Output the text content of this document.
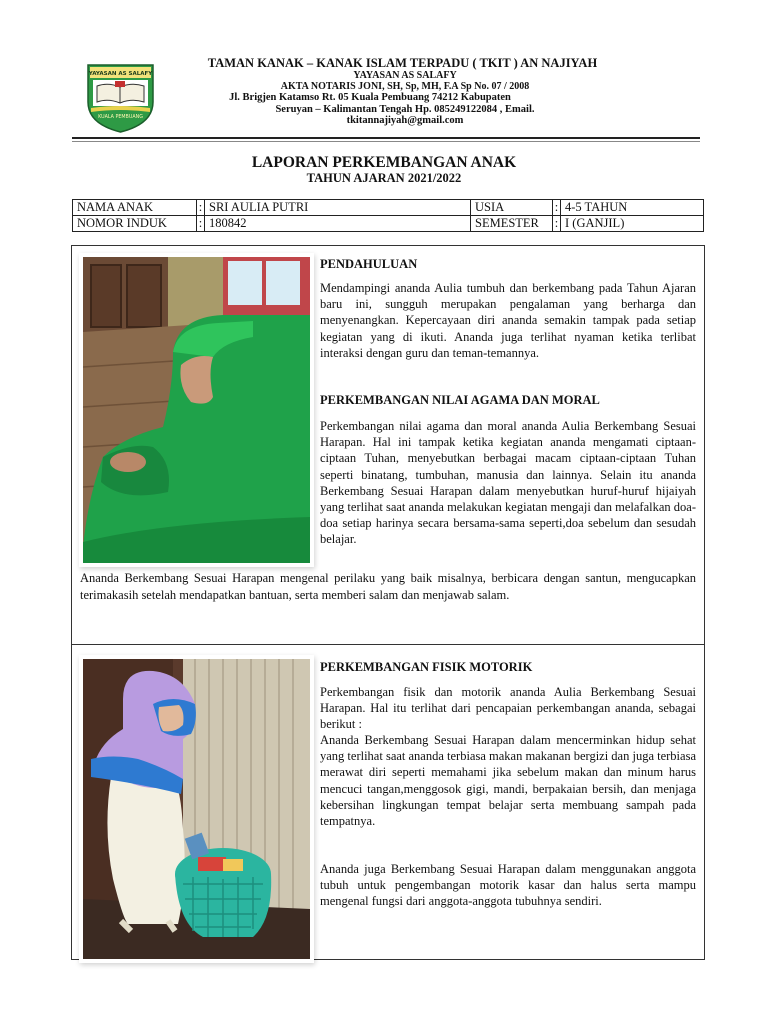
YAYASAN AS SALAFY
KUALA PEMBUANG
TAMAN KANAK – KANAK ISLAM TERPADU ( TKIT ) AN NAJIYAH
YAYASAN AS SALAFY
AKTA NOTARIS JONI, SH, Sp, MH, F.A Sp No. 07 / 2008
Jl. Brigjen Katamso Rt. 05 Kuala Pembuang 74212 Kabupaten
Seruyan – Kalimantan Tengah Hp. 085249122084 , Email.
tkitannajiyah@gmail.com
LAPORAN PERKEMBANGAN ANAK
TAHUN AJARAN 2021/2022
NAMA ANAK	:	SRI AULIA PUTRI	USIA	:	4-5 TAHUN
NOMOR INDUK	:	180842	SEMESTER	:	I (GANJIL)
PENDAHULUAN

Mendampingi ananda Aulia tumbuh dan berkembang pada Tahun Ajaran baru ini, sungguh merupakan pengalaman yang berharga dan menyenangkan. Kepercayaan diri ananda semakin tampak pada setiap kegiatan yang di ikuti. Ananda juga terlihat nyaman ketika terlibat interaksi dengan guru dan teman-temannya.

PERKEMBANGAN NILAI AGAMA DAN MORAL

Perkembangan nilai agama dan moral ananda Aulia Berkembang Sesuai Harapan. Hal ini tampak ketika kegiatan ananda mengamati ciptaan-ciptaan Tuhan, menyebutkan berbagai macam ciptaan-ciptaan Tuhan seperti binatang, tumbuhan, manusia dan lainnya. Selain itu ananda Berkembang Sesuai Harapan dalam menyebutkan huruf-huruf hijaiyah yang terlihat saat ananda melakukan kegiatan mengaji dan melafalkan doa-doa setiap harinya secara bersama-sama seperti,doa sebelum dan sesudah belajar.

Ananda Berkembang Sesuai Harapan mengenal perilaku yang baik misalnya, berbicara dengan santun, mengucapkan terimakasih setelah mendapatkan bantuan, serta memberi salam dan menjawab salam.

PERKEMBANGAN FISIK MOTORIK

Perkembangan fisik dan motorik ananda Aulia Berkembang Sesuai Harapan. Hal itu terlihat dari pencapaian perkembangan ananda, sebagai berikut :

Ananda Berkembang Sesuai Harapan dalam mencerminkan hidup sehat yang terlihat saat ananda terbiasa makan makanan bergizi dan juga terbiasa merawat diri seperti memahami jika sebelum makan dan minum harus mencuci tangan,menggosok gigi, mandi, berpakaian bersih, dan menjaga kebersihan lingkungan tempat belajar serta membuang sampah pada tempatnya.

Ananda juga Berkembang Sesuai Harapan dalam menggunakan anggota tubuh untuk pengembangan motorik kasar dan halus serta mampu mengenal fungsi dari anggota-anggota tubuhnya sendiri.
